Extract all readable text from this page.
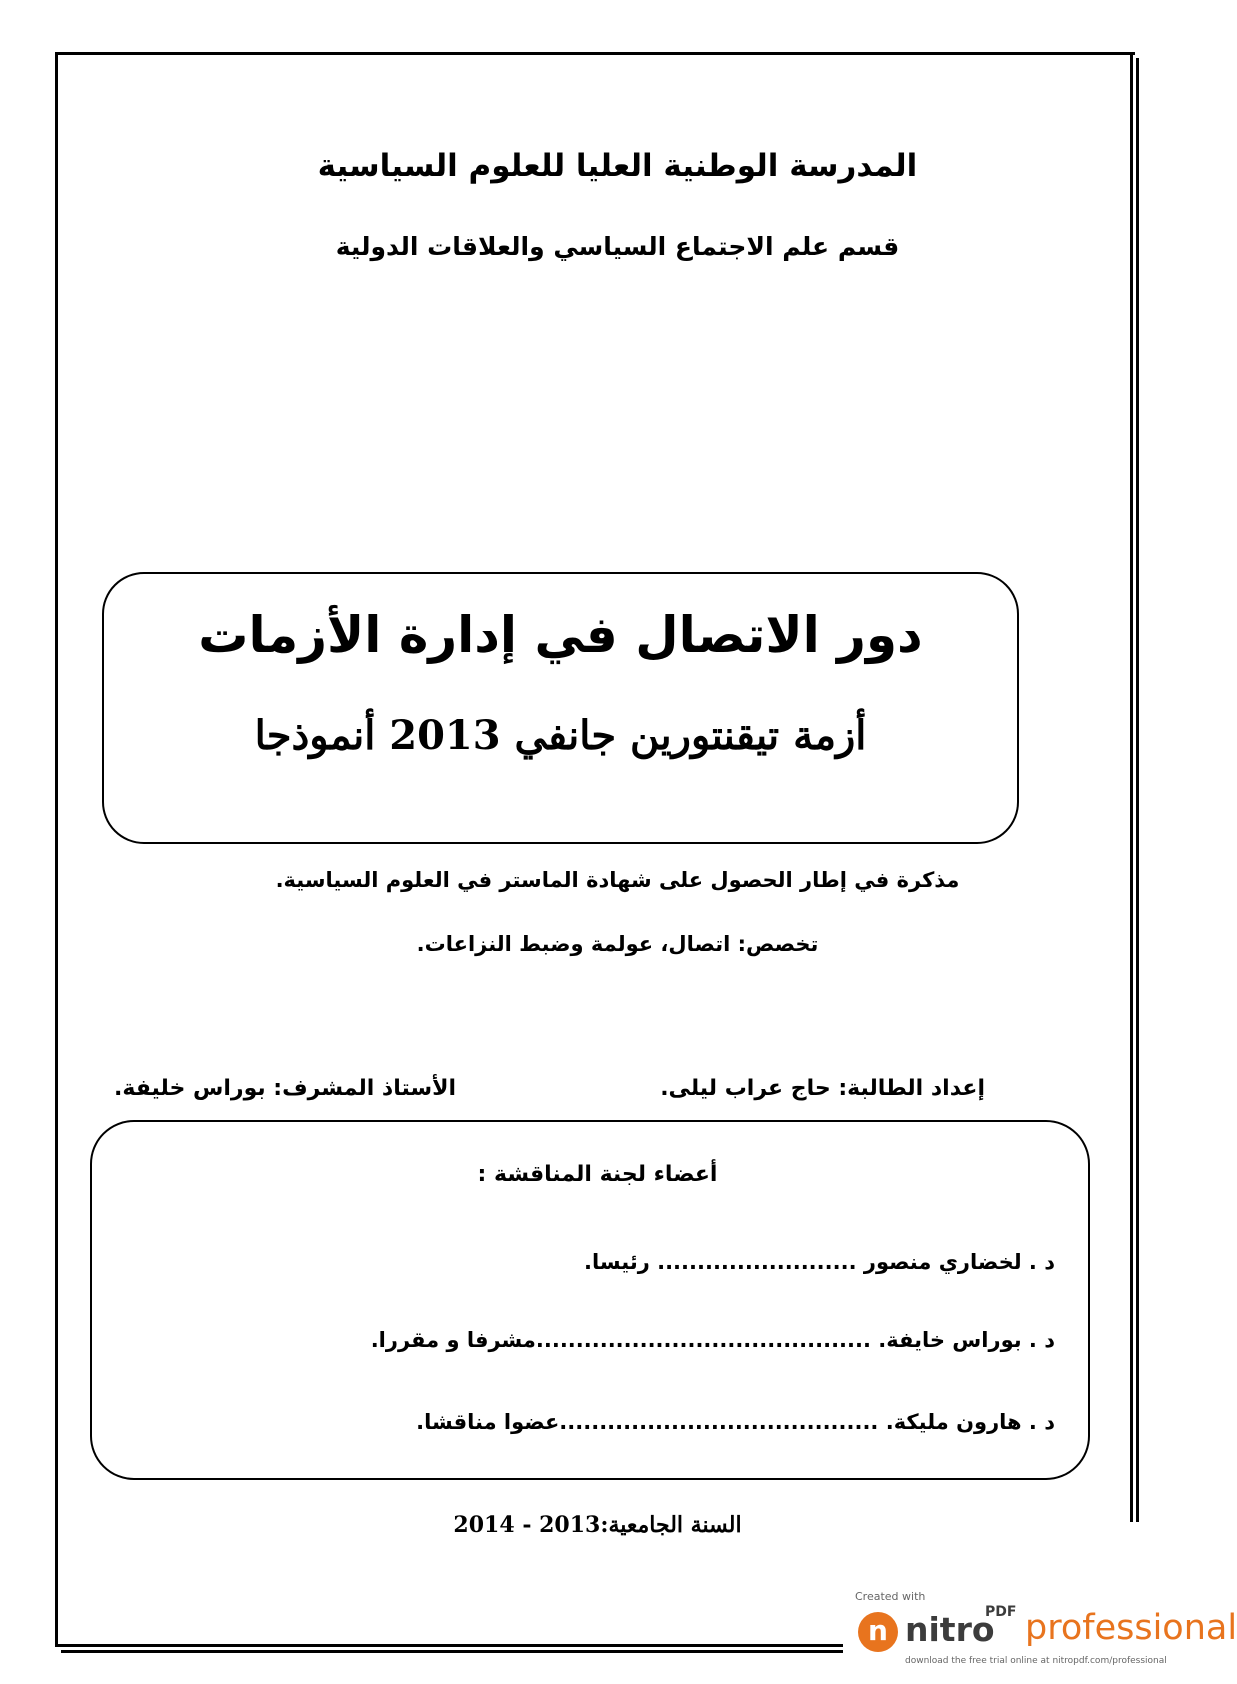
المدرسة الوطنية العليا للعلوم السياسية
قسم علم الاجتماع السياسي والعلاقات الدولية
دور الاتصال في إدارة الأزمات
أزمة تيقنتورين جانفي 2013 أنموذجا
مذكرة في إطار الحصول على شهادة الماستر في العلوم السياسية.
تخصص: اتصال، عولمة وضبط النزاعات.
إعداد الطالبة: حاج عراب ليلى.
الأستاذ المشرف: بوراس خليفة.
أعضاء لجنة المناقشة :
د . لخضاري منصور ......................... رئيسا.
د . بوراس خايفة. ..........................................مشرفا و مقررا.
د . هارون مليكة. ........................................عضوا مناقشا.
السنة الجامعية:2013 - 2014
Created with
n nitro
PDF professional
download the free trial online at nitropdf.com/professional
